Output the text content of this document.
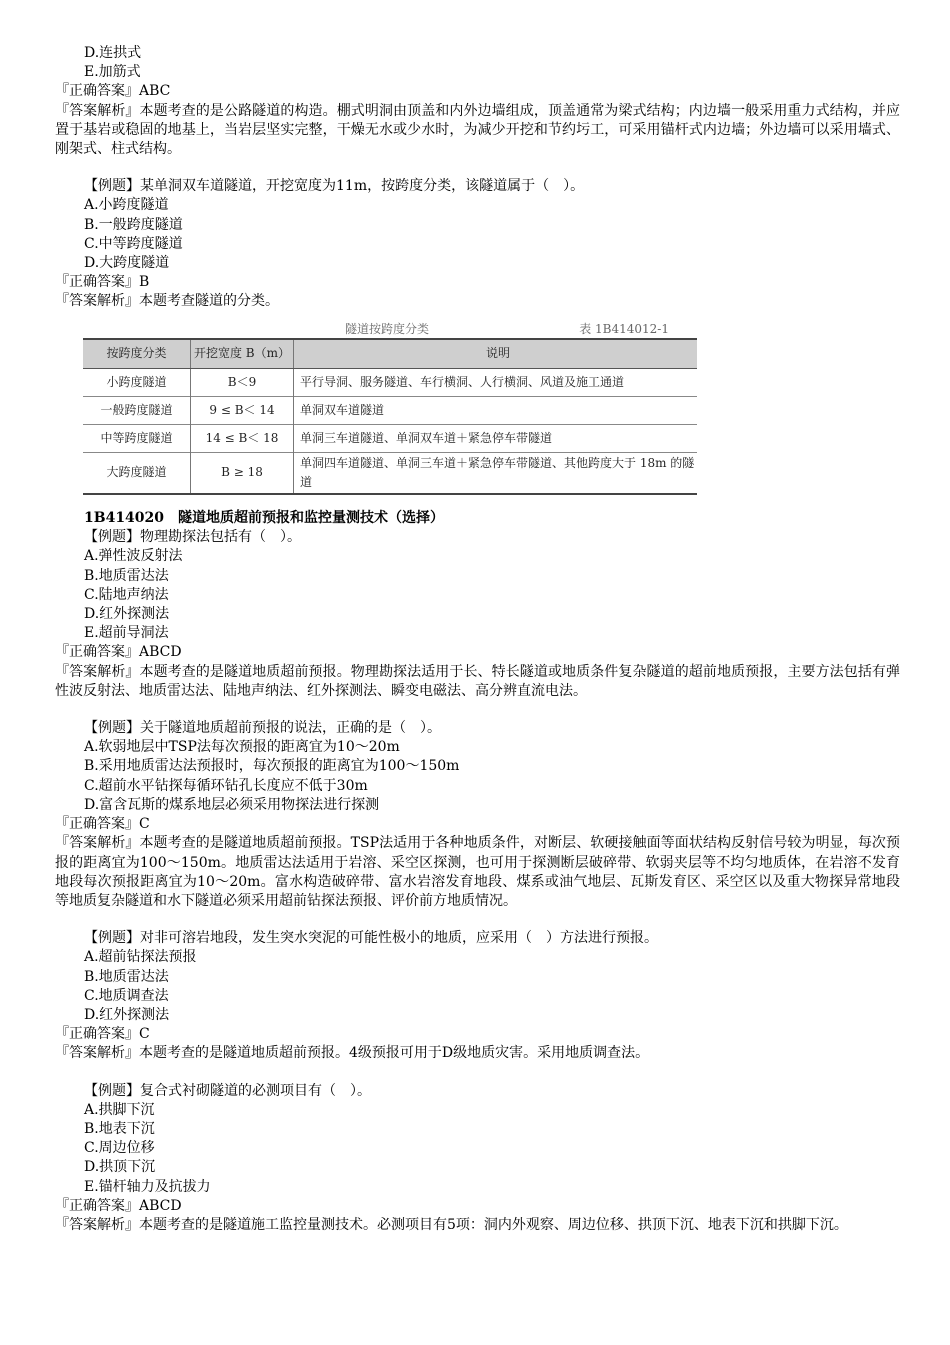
D.连拱式
E.加筋式
『正确答案』ABC
『答案解析』本题考查的是公路隧道的构造。棚式明洞由顶盖和内外边墙组成，顶盖通常为梁式结构；内边墙一般采用重力式结构，并应置于基岩或稳固的地基上，当岩层坚实完整，干燥无水或少水时，为减少开挖和节约圬工，可采用锚杆式内边墙；外边墙可以采用墙式、刚架式、柱式结构。
【例题】某单洞双车道隧道，开挖宽度为11m，按跨度分类，该隧道属于（　）。
A.小跨度隧道
B.一般跨度隧道
C.中等跨度隧道
D.大跨度隧道
『正确答案』B
『答案解析』本题考查隧道的分类。
隧道按跨度分类	表 1B414012-1
按跨度分类	开挖宽度 B（m）	说明
小跨度隧道	B＜9	平行导洞、服务隧道、车行横洞、人行横洞、风道及施工通道
一般跨度隧道	9 ≤ B＜ 14	单洞双车道隧道
中等跨度隧道	14 ≤ B＜ 18	单洞三车道隧道、单洞双车道＋紧急停车带隧道
大跨度隧道	B ≥ 18	单洞四车道隧道、单洞三车道＋紧急停车带隧道、其他跨度大于 18m 的隧道
1B414020　隧道地质超前预报和监控量测技术（选择）
【例题】物理勘探法包括有（　）。
A.弹性波反射法
B.地质雷达法
C.陆地声纳法
D.红外探测法
E.超前导洞法
『正确答案』ABCD
『答案解析』本题考查的是隧道地质超前预报。物理勘探法适用于长、特长隧道或地质条件复杂隧道的超前地质预报，主要方法包括有弹性波反射法、地质雷达法、陆地声纳法、红外探测法、瞬变电磁法、高分辨直流电法。
【例题】关于隧道地质超前预报的说法，正确的是（　）。
A.软弱地层中TSP法每次预报的距离宜为10～20m
B.采用地质雷达法预报时，每次预报的距离宜为100～150m
C.超前水平钻探每循环钻孔长度应不低于30m
D.富含瓦斯的煤系地层必须采用物探法进行探测
『正确答案』C
『答案解析』本题考查的是隧道地质超前预报。TSP法适用于各种地质条件，对断层、软硬接触面等面状结构反射信号较为明显，每次预报的距离宜为100～150m。地质雷达法适用于岩溶、采空区探测，也可用于探测断层破碎带、软弱夹层等不均匀地质体，在岩溶不发育地段每次预报距离宜为10～20m。富水构造破碎带、富水岩溶发育地段、煤系或油气地层、瓦斯发育区、采空区以及重大物探异常地段等地质复杂隧道和水下隧道必须采用超前钻探法预报、评价前方地质情况。
【例题】对非可溶岩地段，发生突水突泥的可能性极小的地质，应采用（　）方法进行预报。
A.超前钻探法预报
B.地质雷达法
C.地质调查法
D.红外探测法
『正确答案』C
『答案解析』本题考查的是隧道地质超前预报。4级预报可用于D级地质灾害。采用地质调查法。
【例题】复合式衬砌隧道的必测项目有（　）。
A.拱脚下沉
B.地表下沉
C.周边位移
D.拱顶下沉
E.锚杆轴力及抗拔力
『正确答案』ABCD
『答案解析』本题考查的是隧道施工监控量测技术。必测项目有5项：洞内外观察、周边位移、拱顶下沉、地表下沉和拱脚下沉。
